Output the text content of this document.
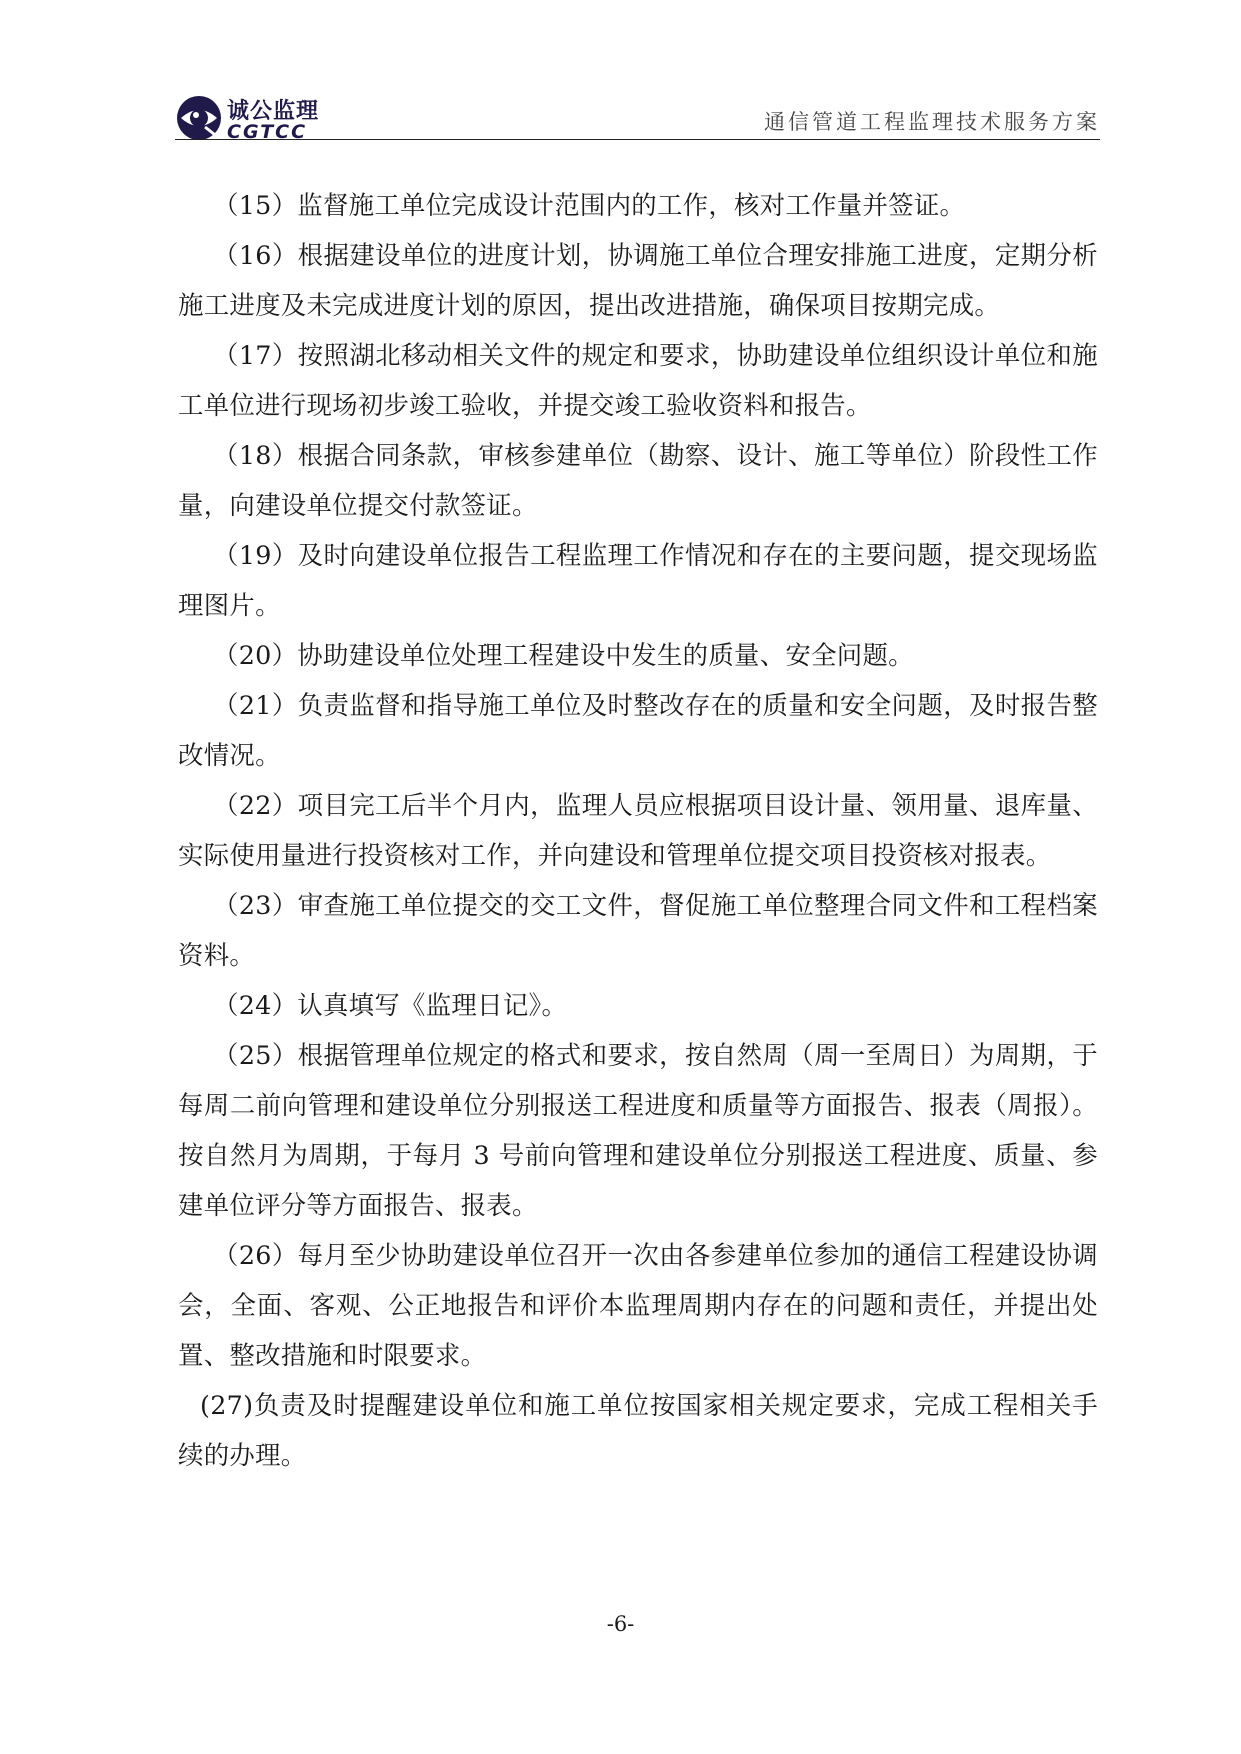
诚公监理
CGTCC	通信管道工程监理技术服务方案

（15）监督施工单位完成设计范围内的工作，核对工作量并签证。

（16）根据建设单位的进度计划，协调施工单位合理安排施工进度，定期分析施工进度及未完成进度计划的原因，提出改进措施，确保项目按期完成。

（17）按照湖北移动相关文件的规定和要求，协助建设单位组织设计单位和施工单位进行现场初步竣工验收，并提交竣工验收资料和报告。

（18）根据合同条款，审核参建单位（勘察、设计、施工等单位）阶段性工作量，向建设单位提交付款签证。

（19）及时向建设单位报告工程监理工作情况和存在的主要问题，提交现场监理图片。

（20）协助建设单位处理工程建设中发生的质量、安全问题。

（21）负责监督和指导施工单位及时整改存在的质量和安全问题，及时报告整改情况。

（22）项目完工后半个月内，监理人员应根据项目设计量、领用量、退库量、实际使用量进行投资核对工作，并向建设和管理单位提交项目投资核对报表。

（23）审查施工单位提交的交工文件，督促施工单位整理合同文件和工程档案资料。

（24）认真填写《监理日记》。

（25）根据管理单位规定的格式和要求，按自然周（周一至周日）为周期，于每周二前向管理和建设单位分别报送工程进度和质量等方面报告、报表（周报）。按自然月为周期，于每月 3 号前向管理和建设单位分别报送工程进度、质量、参建单位评分等方面报告、报表。

（26）每月至少协助建设单位召开一次由各参建单位参加的通信工程建设协调会，全面、客观、公正地报告和评价本监理周期内存在的问题和责任，并提出处置、整改措施和时限要求。

(27)负责及时提醒建设单位和施工单位按国家相关规定要求，完成工程相关手续的办理。

-6-
